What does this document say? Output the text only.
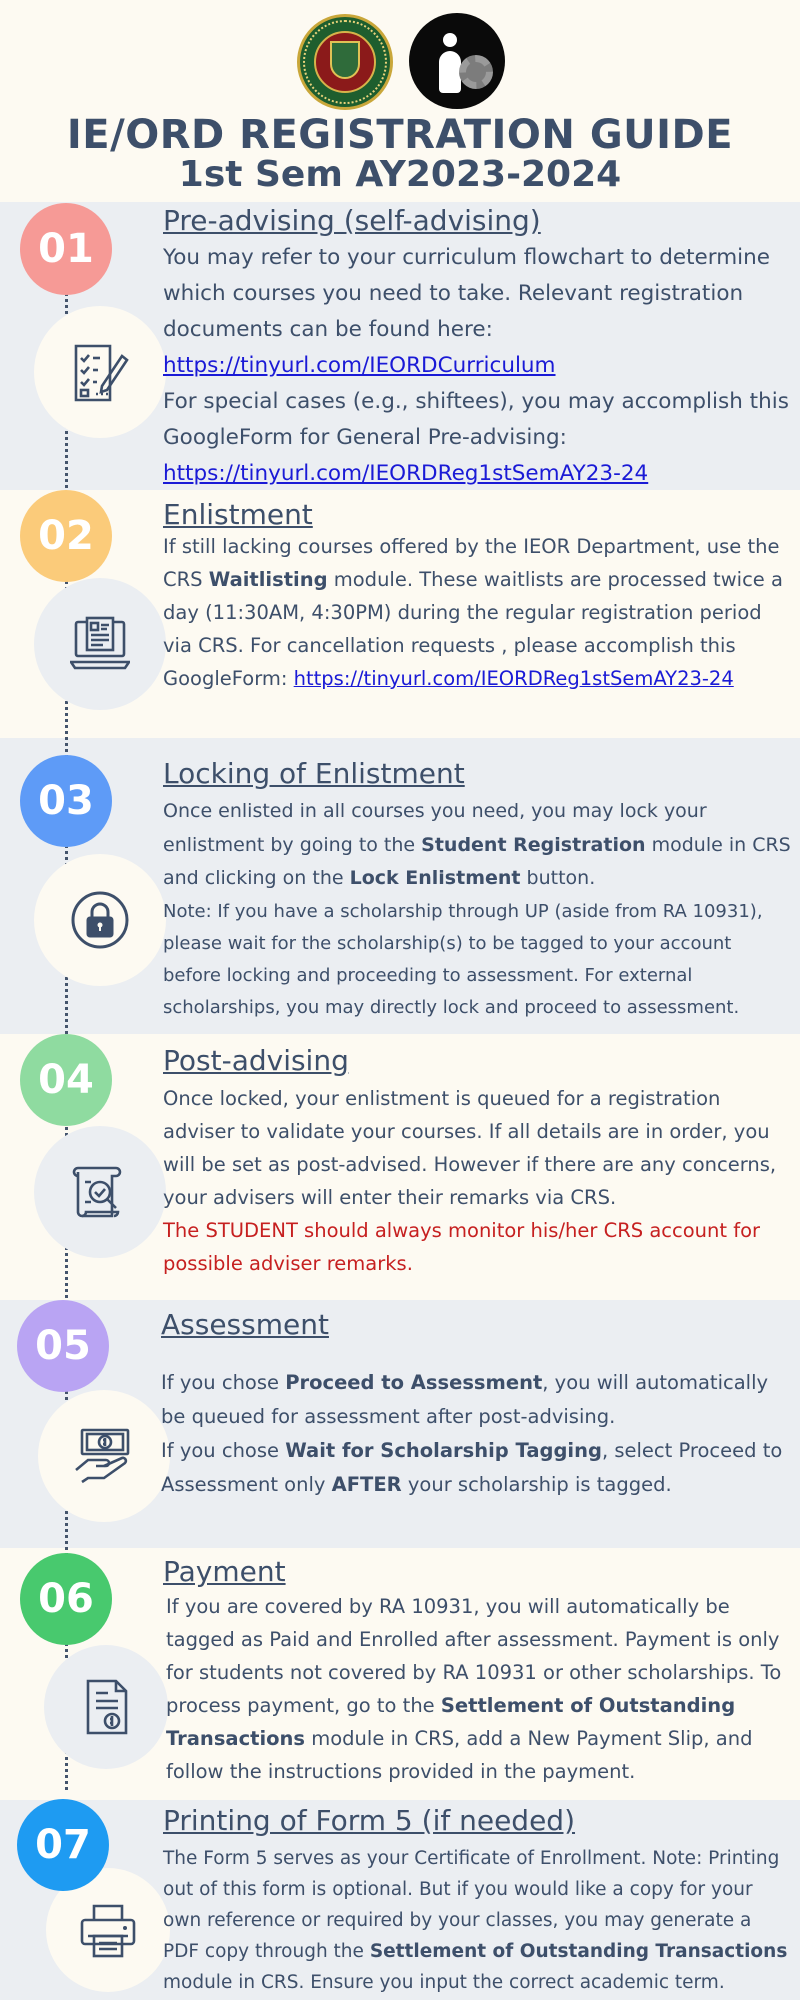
IE/ORD REGISTRATION GUIDE
1st Sem AY2023-2024
01
Pre-advising (self-advising)
You may refer to your curriculum flowchart to determine which courses you need to take. Relevant registration documents can be found here:
https://tinyurl.com/IEORDCurriculum
For special cases (e.g., shiftees), you may accomplish this GoogleForm for General Pre-advising:
https://tinyurl.com/IEORDReg1stSemAY23-24
02 Enlistment
If still lacking courses offered by the IEOR Department, use the CRS Waitlisting module. These waitlists are processed twice a day (11:30AM, 4:30PM) during the regular registration period via CRS. For cancellation requests , please accomplish this GoogleForm: https://tinyurl.com/IEORDReg1stSemAY23-24
03
Locking of Enlistment
Once enlisted in all courses you need, you may lock your enlistment by going to the Student Registration module in CRS and clicking on the Lock Enlistment button.
Note: If you have a scholarship through UP (aside from RA 10931), please wait for the scholarship(s) to be tagged to your account before locking and proceeding to assessment. For external scholarships, you may directly lock and proceed to assessment.
04 Post-advising
Once locked, your enlistment is queued for a registration adviser to validate your courses. If all details are in order, you will be set as post-advised. However if there are any concerns, your advisers will enter their remarks via CRS.
The STUDENT should always monitor his/her CRS account for possible adviser remarks.
05	Assessment
If you chose Proceed to Assessment, you will automatically be queued for assessment after post-advising.
If you chose Wait for Scholarship Tagging, select Proceed to Assessment only AFTER your scholarship is tagged.
06
Payment
If you are covered by RA 10931, you will automatically be tagged as Paid and Enrolled after assessment. Payment is only for students not covered by RA 10931 or other scholarships. To process payment, go to the Settlement of Outstanding Transactions module in CRS, add a New Payment Slip, and follow the instructions provided in the payment.
07
Printing of Form 5 (if needed)
The Form 5 serves as your Certificate of Enrollment. Note: Printing out of this form is optional. But if you would like a copy for your own reference or required by your classes, you may generate a PDF copy through the Settlement of Outstanding Transactions module in CRS. Ensure you input the correct academic term.
